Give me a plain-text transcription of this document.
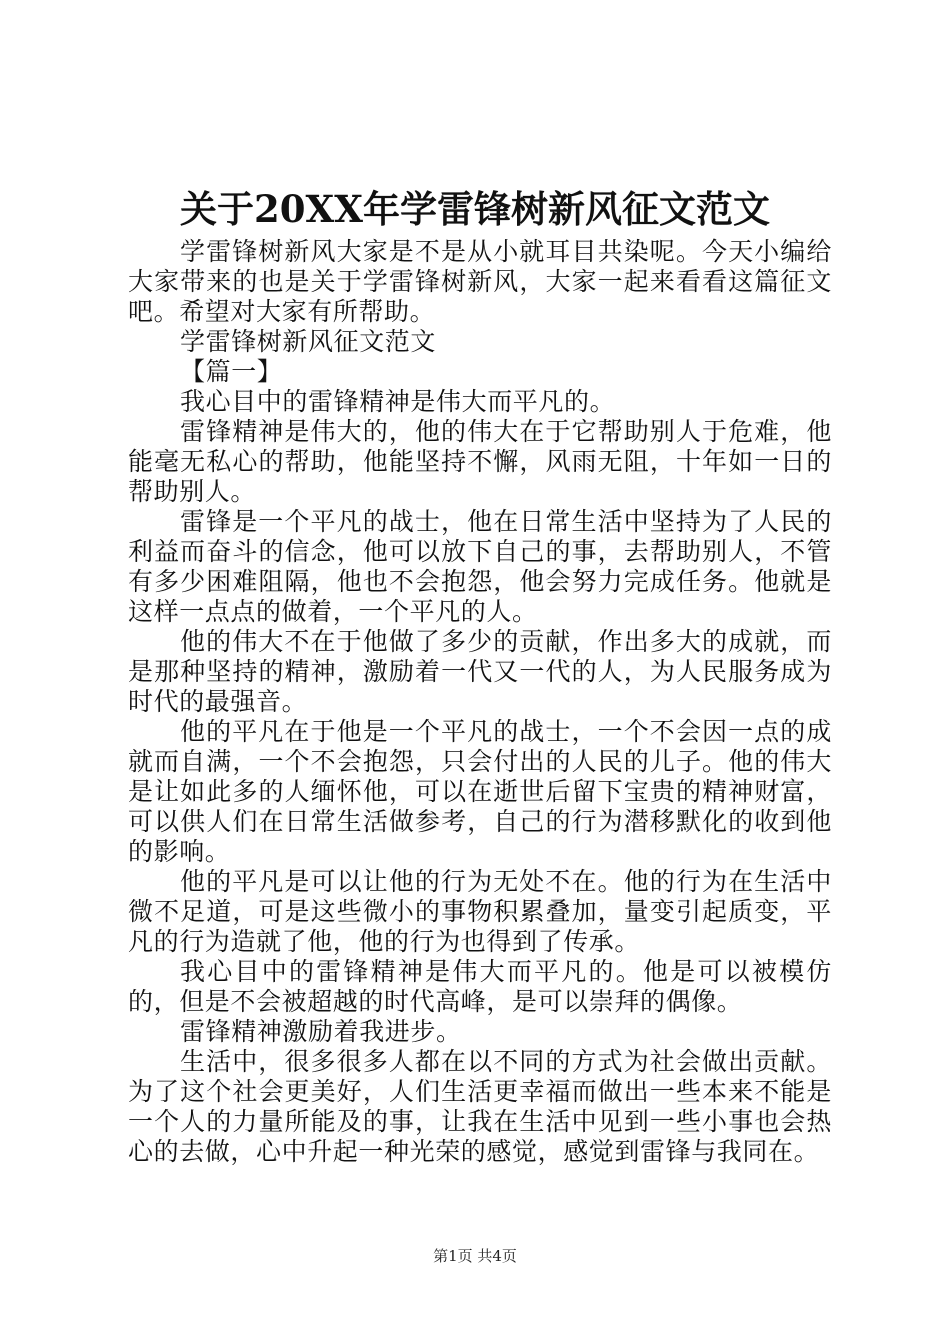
关于20XX年学雷锋树新风征文范文

学雷锋树新风大家是不是从小就耳目共染呢。今天小编给大家带来的也是关于学雷锋树新风，大家一起来看看这篇征文吧。希望对大家有所帮助。

学雷锋树新风征文范文

【篇一】

我心目中的雷锋精神是伟大而平凡的。

雷锋精神是伟大的，他的伟大在于它帮助别人于危难，他能毫无私心的帮助，他能坚持不懈，风雨无阻，十年如一日的帮助别人。

雷锋是一个平凡的战士，他在日常生活中坚持为了人民的利益而奋斗的信念，他可以放下自己的事，去帮助别人，不管有多少困难阻隔，他也不会抱怨，他会努力完成任务。他就是这样一点点的做着，一个平凡的人。

他的伟大不在于他做了多少的贡献，作出多大的成就，而是那种坚持的精神，激励着一代又一代的人，为人民服务成为时代的最强音。

他的平凡在于他是一个平凡的战士，一个不会因一点的成就而自满，一个不会抱怨，只会付出的人民的儿子。他的伟大是让如此多的人缅怀他，可以在逝世后留下宝贵的精神财富，可以供人们在日常生活做参考，自己的行为潜移默化的收到他的影响。

他的平凡是可以让他的行为无处不在。他的行为在生活中微不足道，可是这些微小的事物积累叠加，量变引起质变，平凡的行为造就了他，他的行为也得到了传承。

我心目中的雷锋精神是伟大而平凡的。他是可以被模仿的，但是不会被超越的时代高峰，是可以崇拜的偶像。

雷锋精神激励着我进步。

生活中，很多很多人都在以不同的方式为社会做出贡献。为了这个社会更美好，人们生活更幸福而做出一些本来不能是一个人的力量所能及的事，让我在生活中见到一些小事也会热心的去做，心中升起一种光荣的感觉，感觉到雷锋与我同在。

第1页 共4页
